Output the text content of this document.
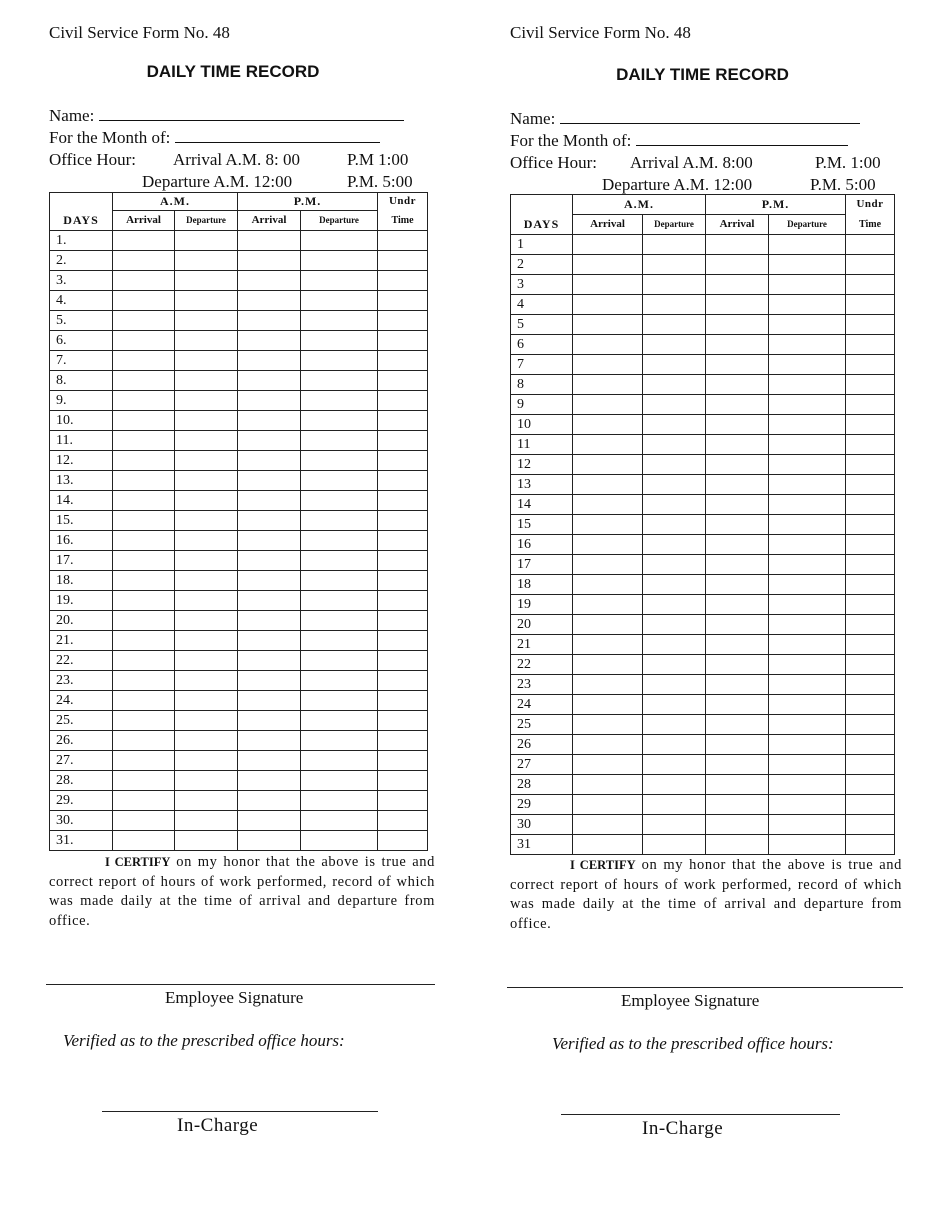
Civil Service Form No. 48
DAILY TIME RECORD
Name:
For the Month of:
Office Hour: Arrival A.M. 8: 00	P.M 1:00
Departure A.M. 12:00	P.M. 5:00
	A.M.		P.M.		Undr
DAYS	Arrival	Departure	Arrival	Departure	Time
1.					
2.					
3.					
4.					
5.					
6.					
7.					
8.					
9.					
10.					
11.					
12.					
13.					
14.					
15.					
16.					
17.					
18.					
19.					
20.					
21.					
22.					
23.					
24.					
25.					
26.					
27.					
28.					
29.					
30.					
31.					
I CERTIFY on my honor that the above is true and correct report of hours of work performed, record of which was made daily at the time of arrival and departure from office.
Employee Signature
Verified as to the prescribed office hours:
In-Charge
Civil Service Form No. 48
DAILY TIME RECORD
Name:
For the Month of:
Office Hour: Arrival A.M. 8:00	P.M. 1:00
Departure A.M. 12:00	P.M. 5:00
	A.M.		P.M.		Undr
DAYS	Arrival	Departure	Arrival	Departure	Time
1					
2					
3					
4					
5					
6					
7					
8					
9					
10					
11					
12					
13					
14					
15					
16					
17					
18					
19					
20					
21					
22					
23					
24					
25					
26					
27					
28					
29					
30					
31					
I CERTIFY on my honor that the above is true and correct report of hours of work performed, record of which was made daily at the time of arrival and departure from office.
Employee Signature
Verified as to the prescribed office hours:
In-Charge
